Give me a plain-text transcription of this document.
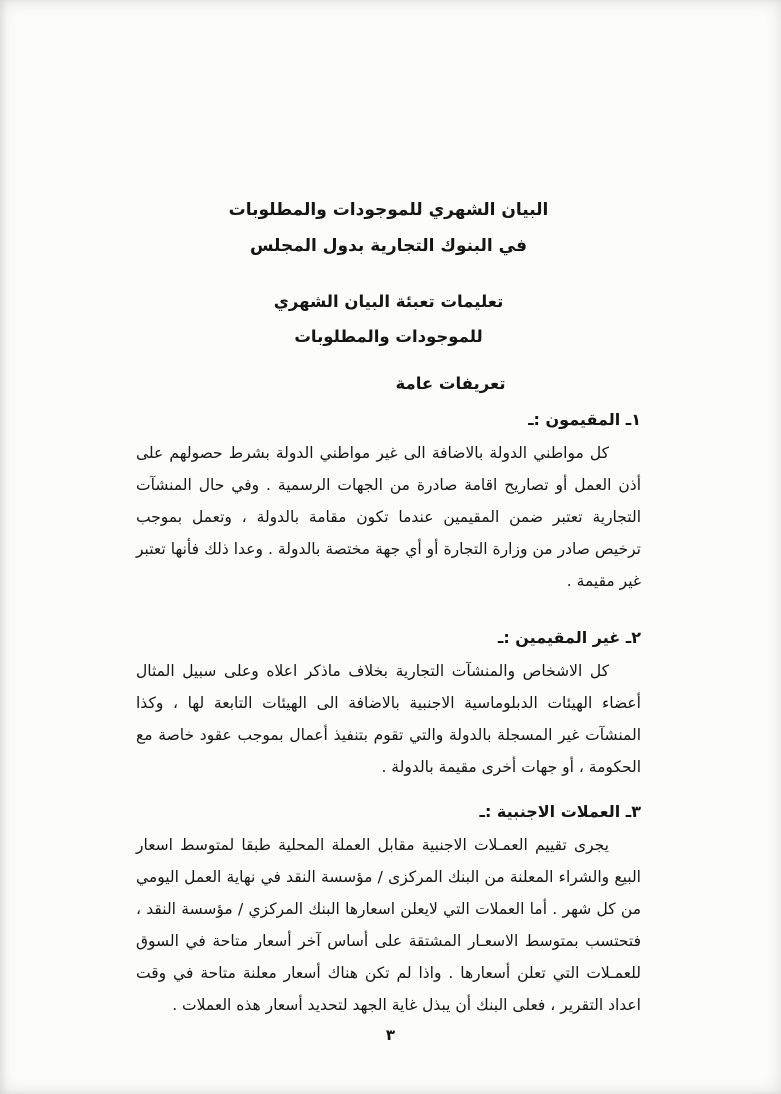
البيان الشهري للموجودات والمطلوبات
في البنوك التجارية بدول المجلس
تعليمات تعبئة البيان الشهري
للموجودات والمطلوبات
تعريفات عامة
١ـ المقيمون :ـ

كل مواطني الدولة بالاضافة الى غير مواطني الدولة بشرط حصولهم على أذن العمل أو تصاريح اقامة صادرة من الجهات الرسمية . وفي حال المنشآت التجارية تعتبر ضمن المقيمين عندما تكون مقامة بالدولة ، وتعمل بموجب ترخيص صادر من وزارة التجارة أو أي جهة مختصة بالدولة . وعدا ذلك فأنها تعتبر غير مقيمة .

٢ـ غير المقيمين :ـ

كل الاشخاص والمنشآت التجارية بخلاف ماذكر اعلاه وعلى سبيل المثال أعضاء الهيئات الدبلوماسية الاجنبية بالاضافة الى الهيئات التابعة لها ، وكذا المنشآت غير المسجلة بالدولة والتي تقوم بتنفيذ أعمال بموجب عقود خاصة مع الحكومة ، أو جهات أخرى مقيمة بالدولة .

٣ـ العملات الاجنبية :ـ

يجرى تقييم العمـلات الاجنبية مقابل العملة المحلية طبقا لمتوسط اسعار البيع والشراء المعلنة من البنك المركزى / مؤسسة النقد في نهاية العمل اليومي من كل شهر . أما العملات التي لايعلن اسعارها البنك المركزي / مؤسسة النقد ، فتحتسب بمتوسط الاسعـار المشتقة على أساس آخر أسعار متاحة في السوق للعمـلات التي تعلن أسعارها . واذا لم تكن هناك أسعار معلنة متاحة في وقت اعداد التقرير ، فعلى البنك أن يبذل غاية الجهد لتحديد أسعار هذه العملات .

٣
